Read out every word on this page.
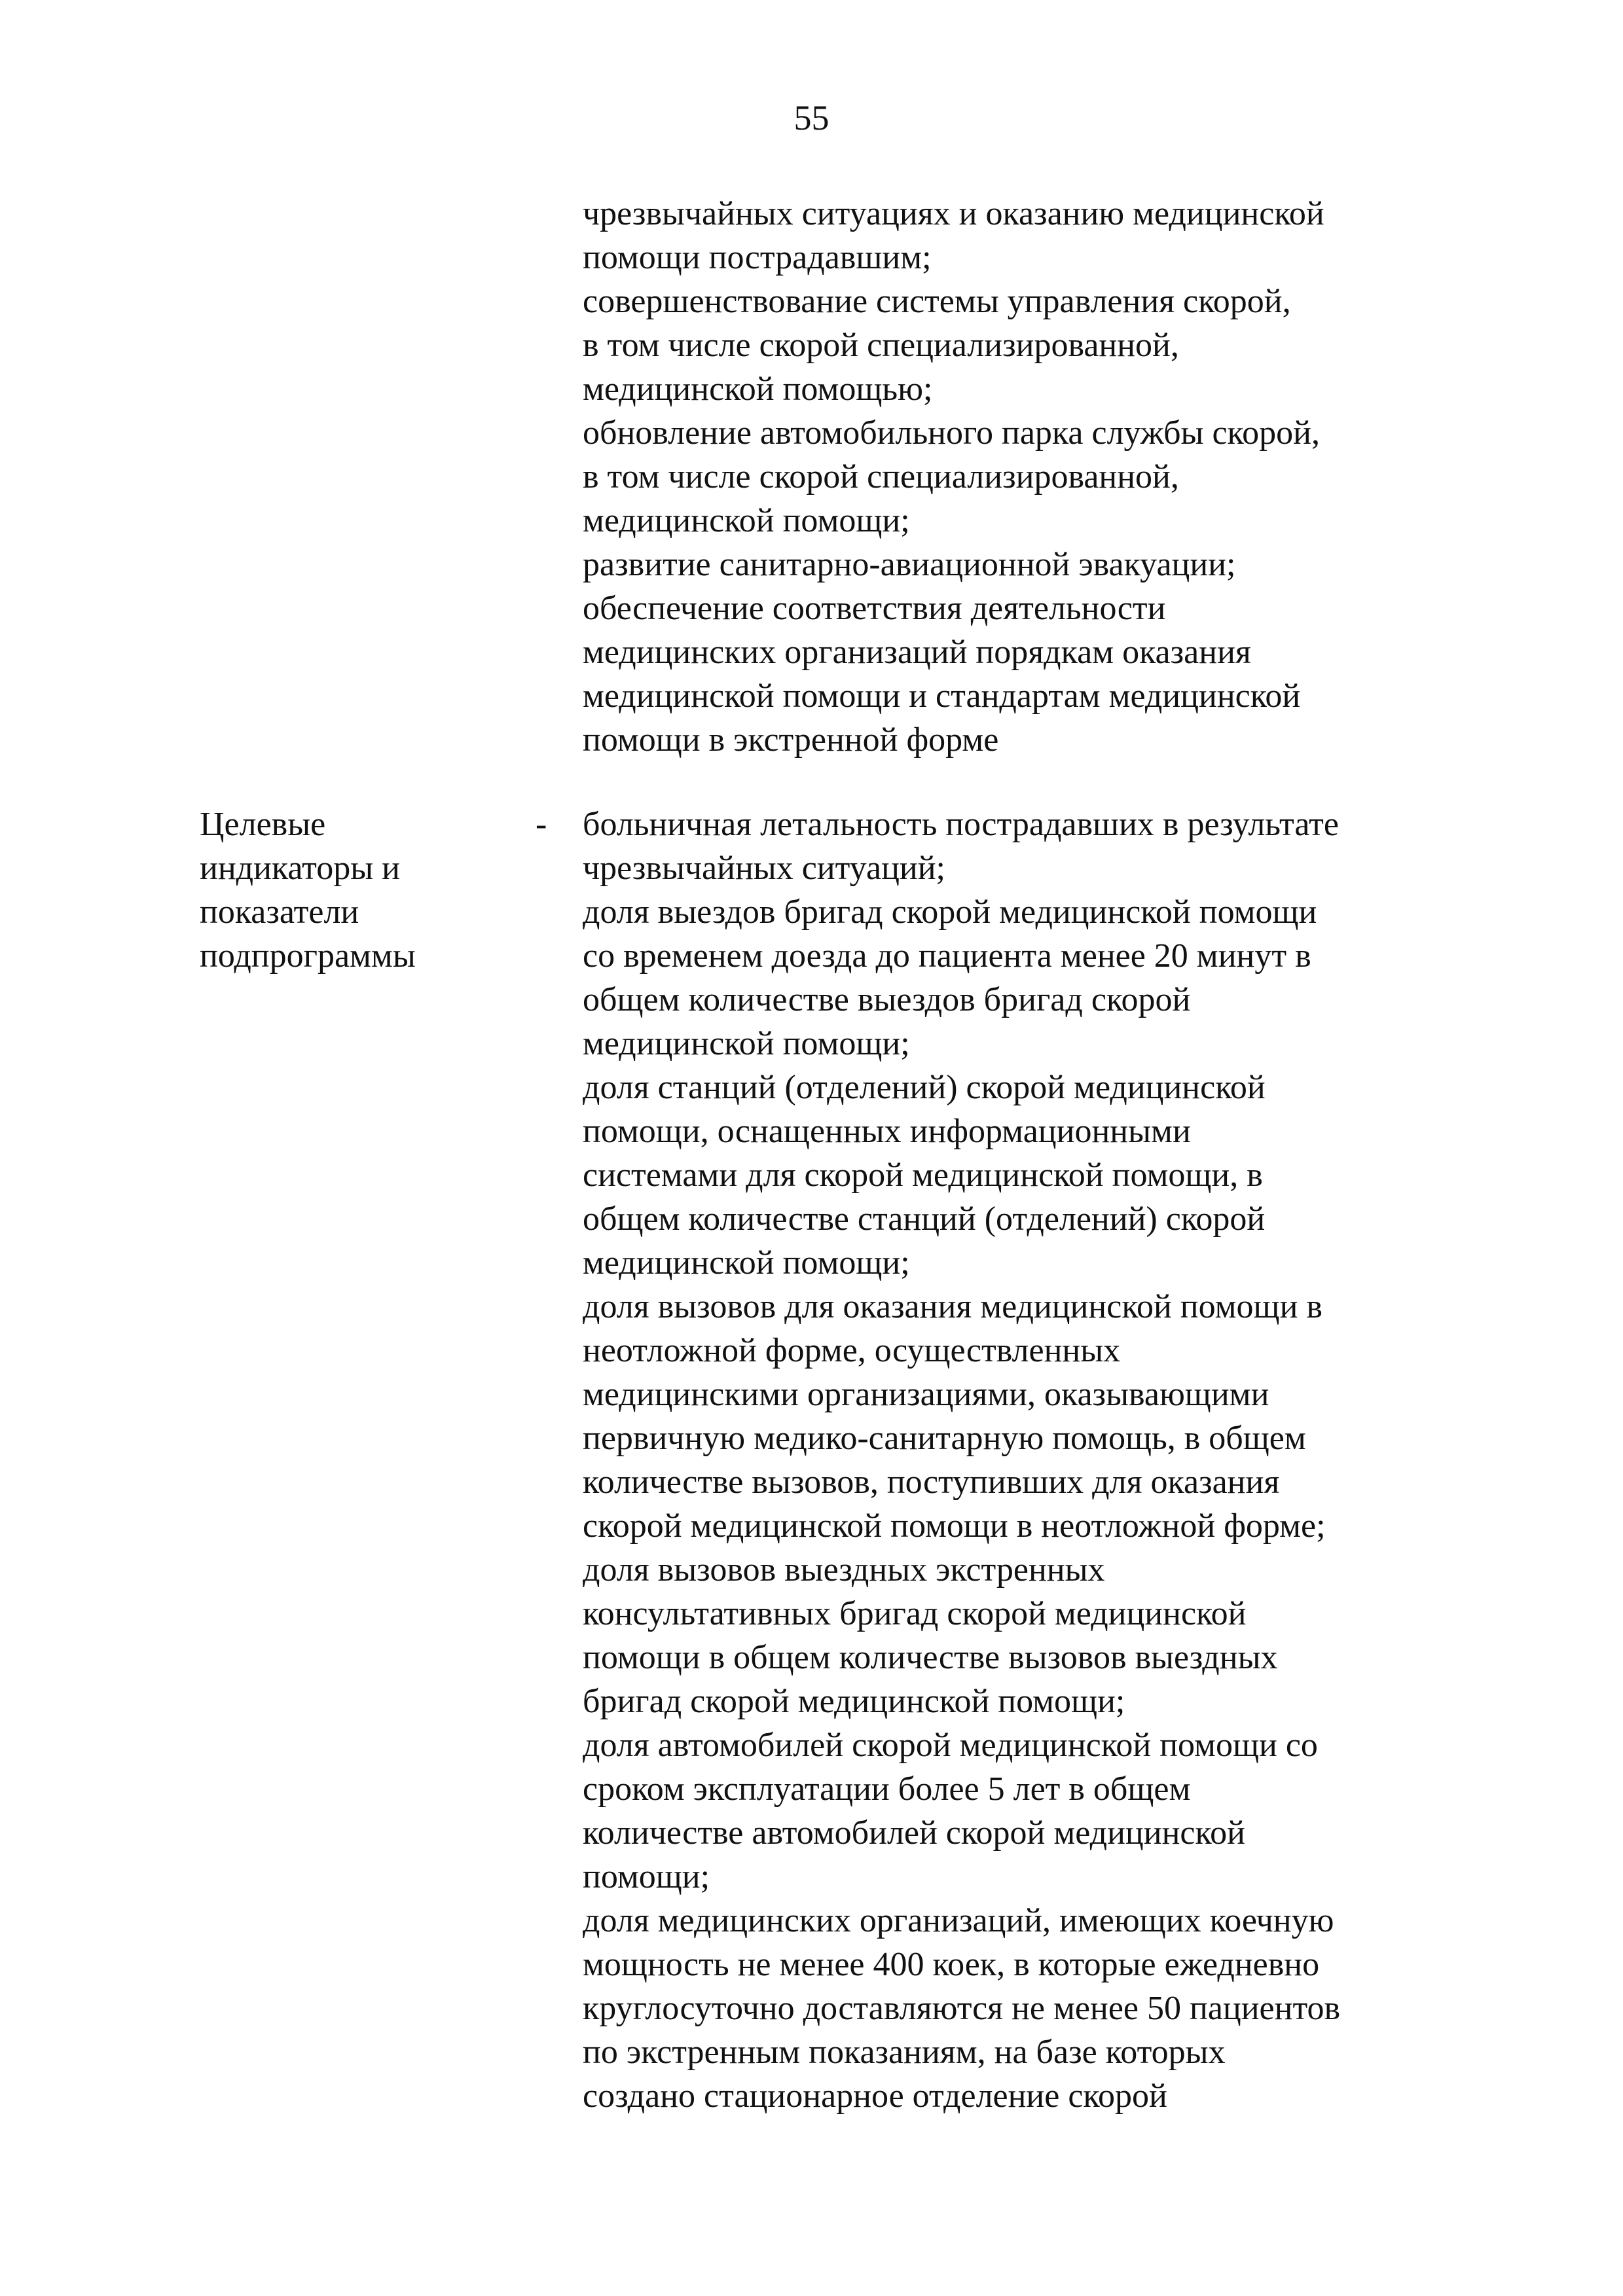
55
чрезвычайных ситуациях и оказанию медицинской
помощи пострадавшим;
совершенствование системы управления скорой,
в том числе скорой специализированной,
медицинской помощью;
обновление автомобильного парка службы скорой,
в том числе скорой специализированной,
медицинской помощи;
развитие санитарно-авиационной эвакуации;
обеспечение соответствия деятельности
медицинских организаций порядкам оказания
медицинской помощи и стандартам медицинской
помощи в экстренной форме
Целевые
индикаторы и
показатели
подпрограммы
- больничная летальность пострадавших в результате
чрезвычайных ситуаций;
доля выездов бригад скорой медицинской помощи
со временем доезда до пациента менее 20 минут в
общем количестве выездов бригад скорой
медицинской помощи;
доля станций (отделений) скорой медицинской
помощи, оснащенных информационными
системами для скорой медицинской помощи, в
общем количестве станций (отделений) скорой
медицинской помощи;
доля вызовов для оказания медицинской помощи в
неотложной форме, осуществленных
медицинскими организациями, оказывающими
первичную медико-санитарную помощь, в общем
количестве вызовов, поступивших для оказания
скорой медицинской помощи в неотложной форме;
доля вызовов выездных экстренных
консультативных бригад скорой медицинской
помощи в общем количестве вызовов выездных
бригад скорой медицинской помощи;
доля автомобилей скорой медицинской помощи со
сроком эксплуатации более 5 лет в общем
количестве автомобилей скорой медицинской
помощи;
доля медицинских организаций, имеющих коечную
мощность не менее 400 коек, в которые ежедневно
круглосуточно доставляются не менее 50 пациентов
по экстренным показаниям, на базе которых
создано стационарное отделение скорой
